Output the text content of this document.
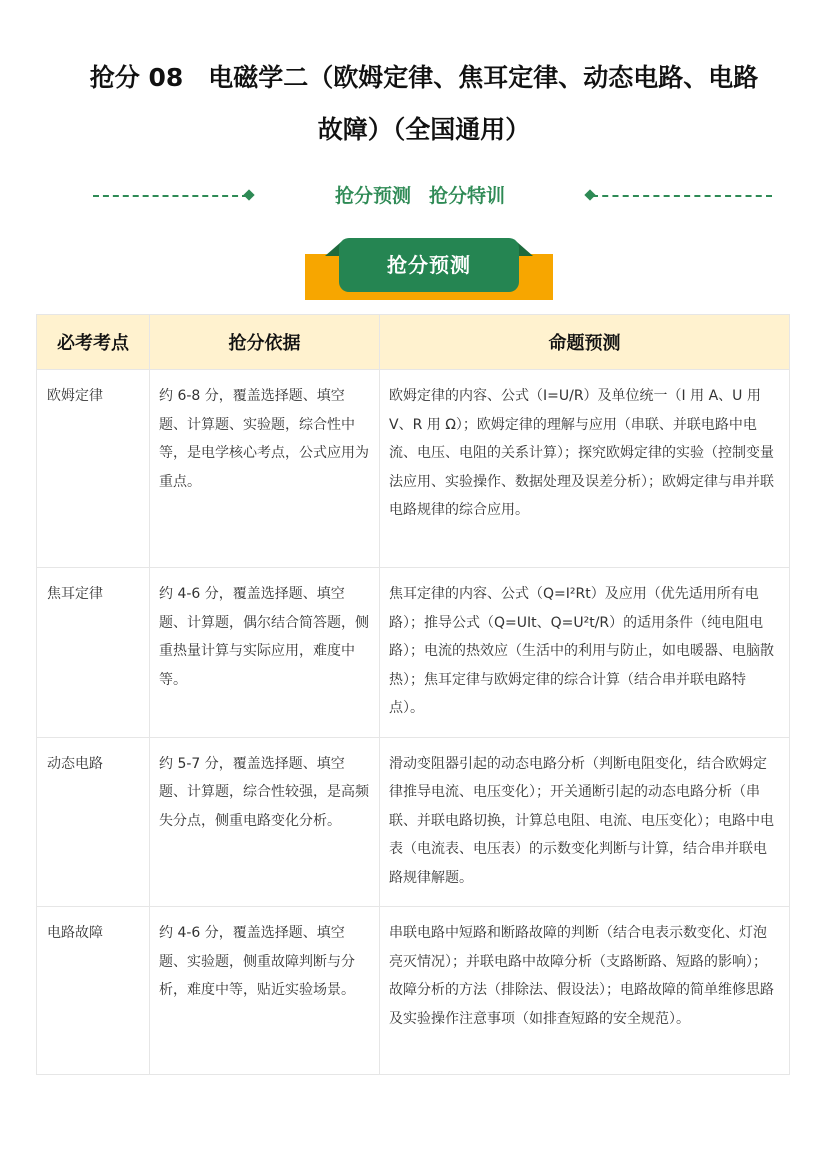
抢分 08　电磁学二（欧姆定律、焦耳定律、动态电路、电路
故障）（全国通用）
抢分预测 抢分特训
抢分预测
必考考点	抢分依据	命题预测
欧姆定律	约 6-8 分，覆盖选择题、填空题、计算题、实验题，综合性中等，是电学核心考点，公式应用为重点。	欧姆定律的内容、公式（I=U/R）及单位统一（I 用 A、U 用 V、R 用 Ω）；欧姆定律的理解与应用（串联、并联电路中电流、电压、电阻的关系计算）；探究欧姆定律的实验（控制变量法应用、实验操作、数据处理及误差分析）；欧姆定律与串并联电路规律的综合应用。
焦耳定律	约 4-6 分，覆盖选择题、填空题、计算题，偶尔结合简答题，侧重热量计算与实际应用，难度中等。	焦耳定律的内容、公式（Q=I²Rt）及应用（优先适用所有电路）；推导公式（Q=UIt、Q=U²t/R）的适用条件（纯电阻电路）；电流的热效应（生活中的利用与防止，如电暖器、电脑散热）；焦耳定律与欧姆定律的综合计算（结合串并联电路特点）。
动态电路	约 5-7 分，覆盖选择题、填空题、计算题，综合性较强，是高频失分点，侧重电路变化分析。	滑动变阻器引起的动态电路分析（判断电阻变化，结合欧姆定律推导电流、电压变化）；开关通断引起的动态电路分析（串联、并联电路切换，计算总电阻、电流、电压变化）；电路中电表（电流表、电压表）的示数变化判断与计算，结合串并联电路规律解题。
电路故障	约 4-6 分，覆盖选择题、填空题、实验题，侧重故障判断与分析，难度中等，贴近实验场景。	串联电路中短路和断路故障的判断（结合电表示数变化、灯泡亮灭情况）；并联电路中故障分析（支路断路、短路的影响）；故障分析的方法（排除法、假设法）；电路故障的简单维修思路及实验操作注意事项（如排查短路的安全规范）。
